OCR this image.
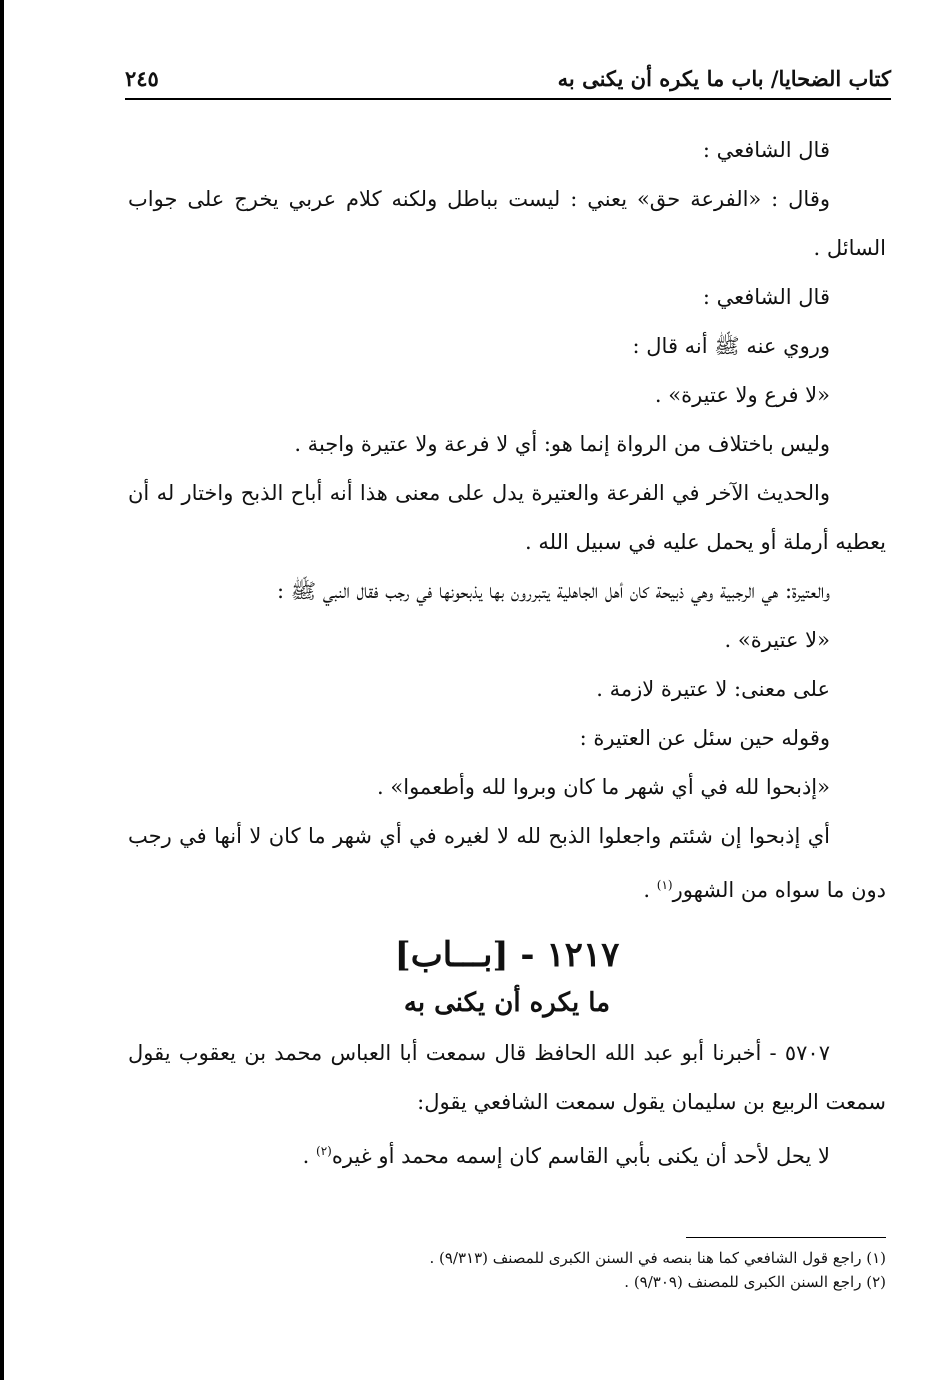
كتاب الضحايا/ باب ما يكره أن يكنى به
٢٤٥

قال الشافعي :

وقال : «الفرعة حق» يعني : ليست بباطل ولكنه كلام عربي يخرج على جواب السائل .

قال الشافعي :

وروي عنه ﷺ أنه قال :

«لا فرع ولا عتيرة» .

وليس باختلاف من الرواة إنما هو: أي لا فرعة ولا عتيرة واجبة .

والحديث الآخر في الفرعة والعتيرة يدل على معنى هذا أنه أباح الذبح واختار له أن يعطيه أرملة أو يحمل عليه في سبيل الله .

والعتيرة: هي الرجبية وهي ذبيحة كان أهل الجاهلية يتبررون بها يذبحونها في رجب فقال النبي ﷺ :

«لا عتيرة» .

على معنى: لا عتيرة لازمة .

وقوله حين سئل عن العتيرة :

«إذبحوا لله في أي شهر ما كان وبروا لله وأطعموا» .

أي إذبحوا إن شئتم واجعلوا الذبح لله لا لغيره في أي شهر ما كان لا أنها في رجب دون ما سواه من الشهور$^{(١)}$ .

١٢١٧ - [بـــاب]
ما يكره أن يكنى به

٥٧٠٧ - أخبرنا أبو عبد الله الحافظ قال سمعت أبا العباس محمد بن يعقوب يقول سمعت الربيع بن سليمان يقول سمعت الشافعي يقول:

لا يحل لأحد أن يكنى بأبي القاسم كان إسمه محمد أو غيره$^{(٢)}$ .

(١) راجع قول الشافعي كما هنا بنصه في السنن الكبرى للمصنف (٩/٣١٣) .

(٢) راجع السنن الكبرى للمصنف (٩/٣٠٩) .
